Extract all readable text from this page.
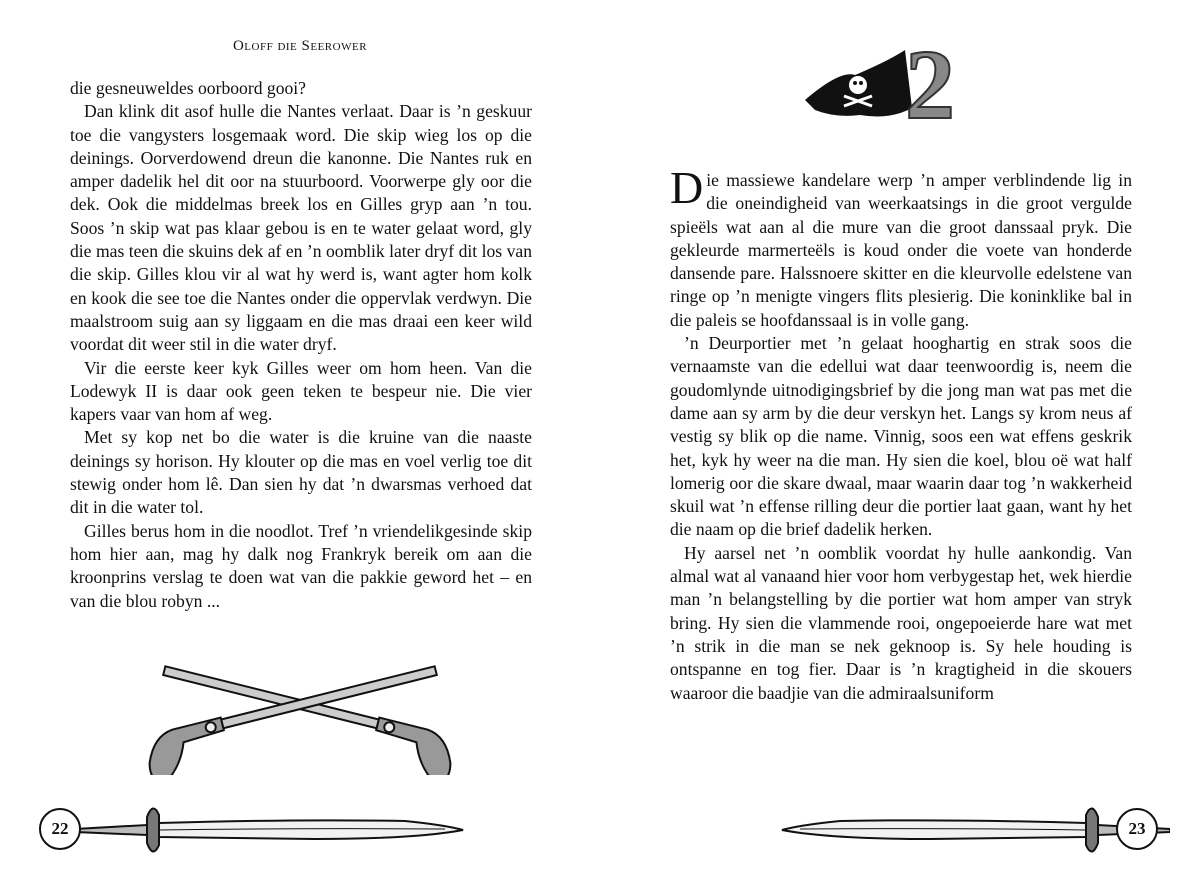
Oloff die Seerower

die gesneuweldes oorboord gooi?

Dan klink dit asof hulle die Nantes verlaat. Daar is ’n geskuur toe die vangysters losgemaak word. Die skip wieg los op die deinings. Oorverdowend dreun die kanonne. Die Nantes ruk en amper dadelik hel dit oor na stuurboord. Voorwerpe gly oor die dek. Ook die middelmas breek los en Gilles gryp aan ’n tou. Soos ’n skip wat pas klaar gebou is en te water gelaat word, gly die mas teen die skuins dek af en ’n oomblik later dryf dit los van die skip. Gilles klou vir al wat hy werd is, want agter hom kolk en kook die see toe die Nantes onder die oppervlak verdwyn. Die maalstroom suig aan sy liggaam en die mas draai een keer wild voordat dit weer stil in die water dryf.

Vir die eerste keer kyk Gilles weer om hom heen. Van die Lodewyk II is daar ook geen teken te bespeur nie. Die vier kapers vaar van hom af weg.

Met sy kop net bo die water is die kruine van die naaste deinings sy horison. Hy klouter op die mas en voel verlig toe dit stewig onder hom lê. Dan sien hy dat ’n dwarsmas verhoed dat dit in die water tol.

Gilles berus hom in die noodlot. Tref ’n vriendelikgesinde skip hom hier aan, mag hy dalk nog Frankryk bereik om aan die kroonprins verslag te doen wat van die pakkie geword het – en van die blou robyn ...

22
2

Die massiewe kandelare werp ’n amper verblindende lig in die oneindigheid van weerkaatsings in die groot vergulde spieëls wat aan al die mure van die groot danssaal pryk. Die gekleurde marmerteëls is koud onder die voete van honderde dansende pare. Halssnoere skitter en die kleurvolle edelstene van ringe op ’n menigte vingers flits plesierig. Die koninklike bal in die paleis se hoofdanssaal is in volle gang.

’n Deurportier met ’n gelaat hooghartig en strak soos die vernaamste van die edellui wat daar teenwoordig is, neem die goudomlynde uitnodigingsbrief by die jong man wat pas met die dame aan sy arm by die deur verskyn het. Langs sy krom neus af vestig sy blik op die name. Vinnig, soos een wat effens geskrik het, kyk hy weer na die man. Hy sien die koel, blou oë wat half lomerig oor die skare dwaal, maar waarin daar tog ’n wakkerheid skuil wat ’n effense rilling deur die portier laat gaan, want hy het die naam op die brief dadelik herken.

Hy aarsel net ’n oomblik voordat hy hulle aankondig. Van almal wat al vanaand hier voor hom verbygestap het, wek hierdie man ’n belangstelling by die portier wat hom amper van stryk bring. Hy sien die vlammende rooi, ongepoeierde hare wat met ’n strik in die man se nek geknoop is. Sy hele houding is ontspanne en tog fier. Daar is ’n kragtigheid in die skouers waaroor die baadjie van die admiraalsuniform

23
